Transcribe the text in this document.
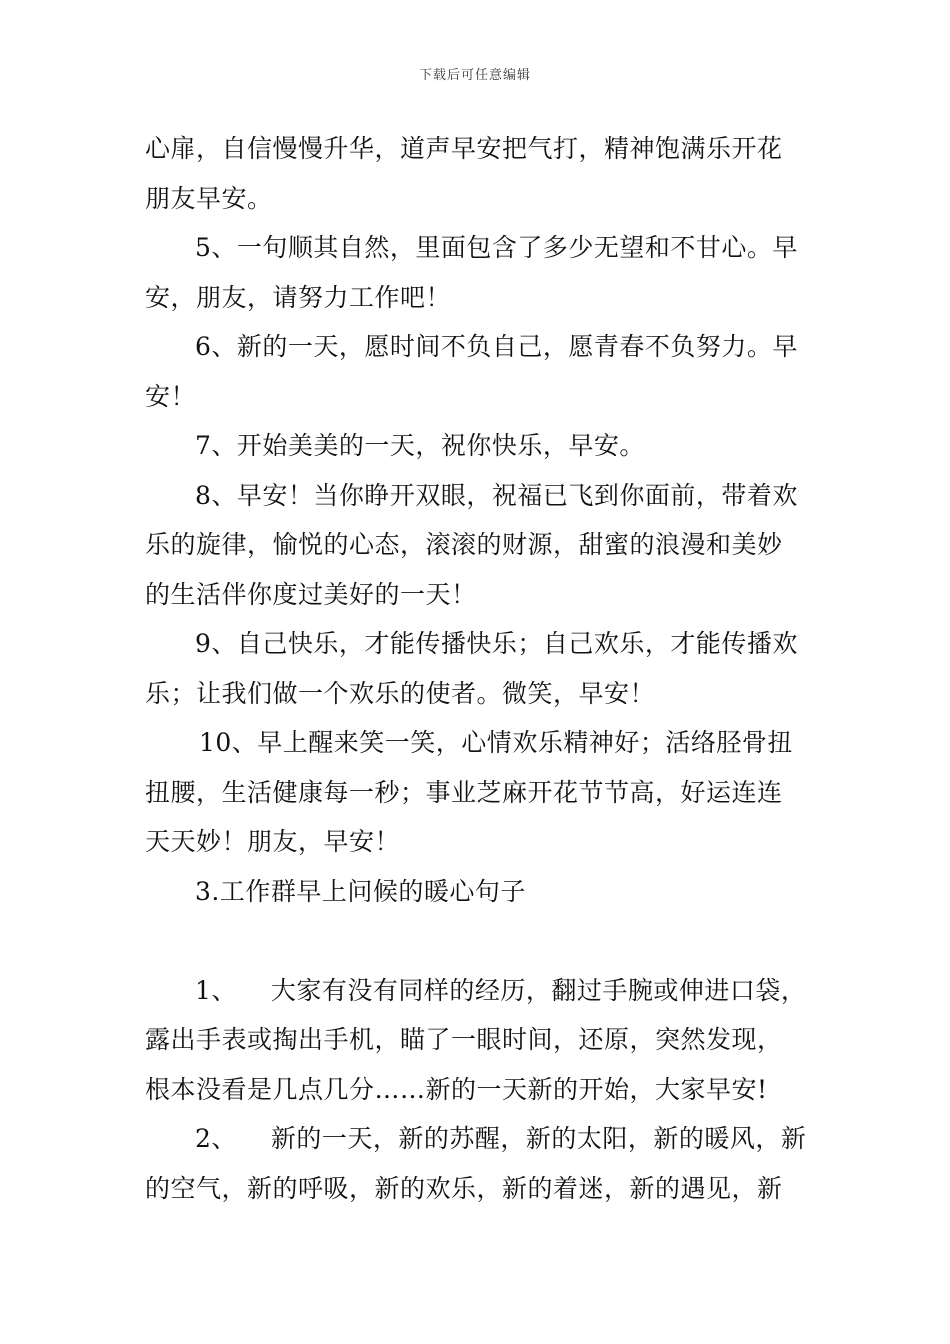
下载后可任意编辑
心扉，自信慢慢升华，道声早安把气打，精神饱满乐开花
朋友早安。
5、一句顺其自然，里面包含了多少无望和不甘心。早
安，朋友，请努力工作吧！
6、新的一天，愿时间不负自己，愿青春不负努力。早
安！
7、开始美美的一天，祝你快乐，早安。
8、早安！当你睁开双眼，祝福已飞到你面前，带着欢
乐的旋律，愉悦的心态，滚滚的财源，甜蜜的浪漫和美妙
的生活伴你度过美好的一天！
9、自己快乐，才能传播快乐；自己欢乐，才能传播欢
乐；让我们做一个欢乐的使者。微笑，早安！
10、早上醒来笑一笑，心情欢乐精神好；活络胫骨扭
扭腰，生活健康每一秒；事业芝麻开花节节高，好运连连
天天妙！朋友，早安！
3.工作群早上问候的暖心句子
1、 大家有没有同样的经历，翻过手腕或伸进口袋，
露出手表或掏出手机，瞄了一眼时间，还原，突然发现，
根本没看是几点几分……新的一天新的开始，大家早安!
2、 新的一天，新的苏醒，新的太阳，新的暖风，新
的空气，新的呼吸，新的欢乐，新的着迷，新的遇见，新
